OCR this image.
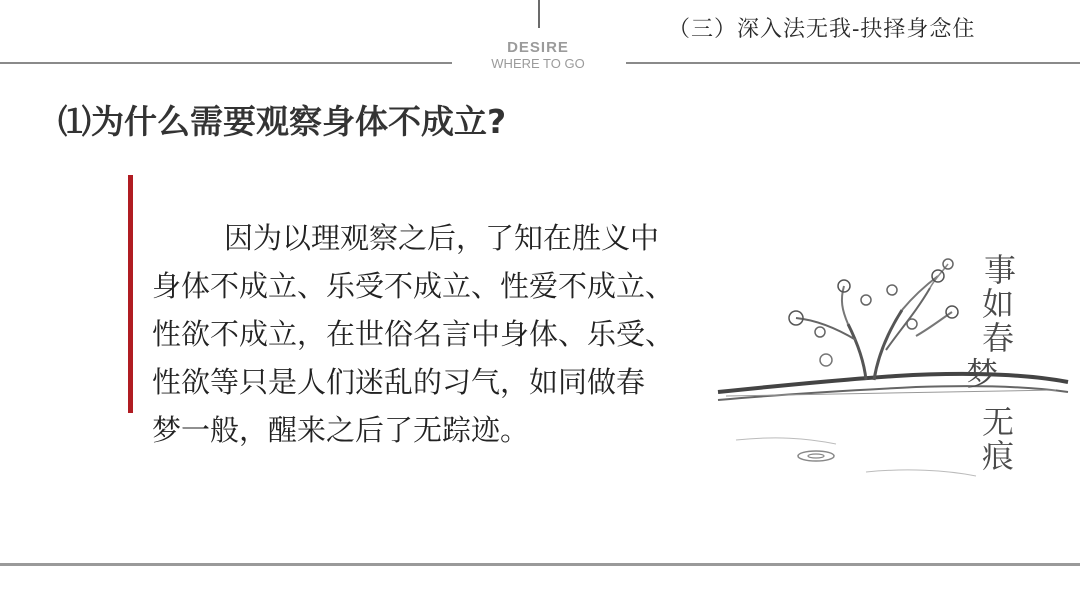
DESIRE
WHERE TO GO
（三）深入法无我-抉择身念住
⑴为什么需要观察身体不成立?
因为以理观察之后，了知在胜义中
身体不成立、乐受不成立、性爱不成立、
性欲不成立，在世俗名言中身体、乐受、
性欲等只是人们迷乱的习气，如同做春
梦一般，醒来之后了无踪迹。
事
如
春
梦
无
痕
